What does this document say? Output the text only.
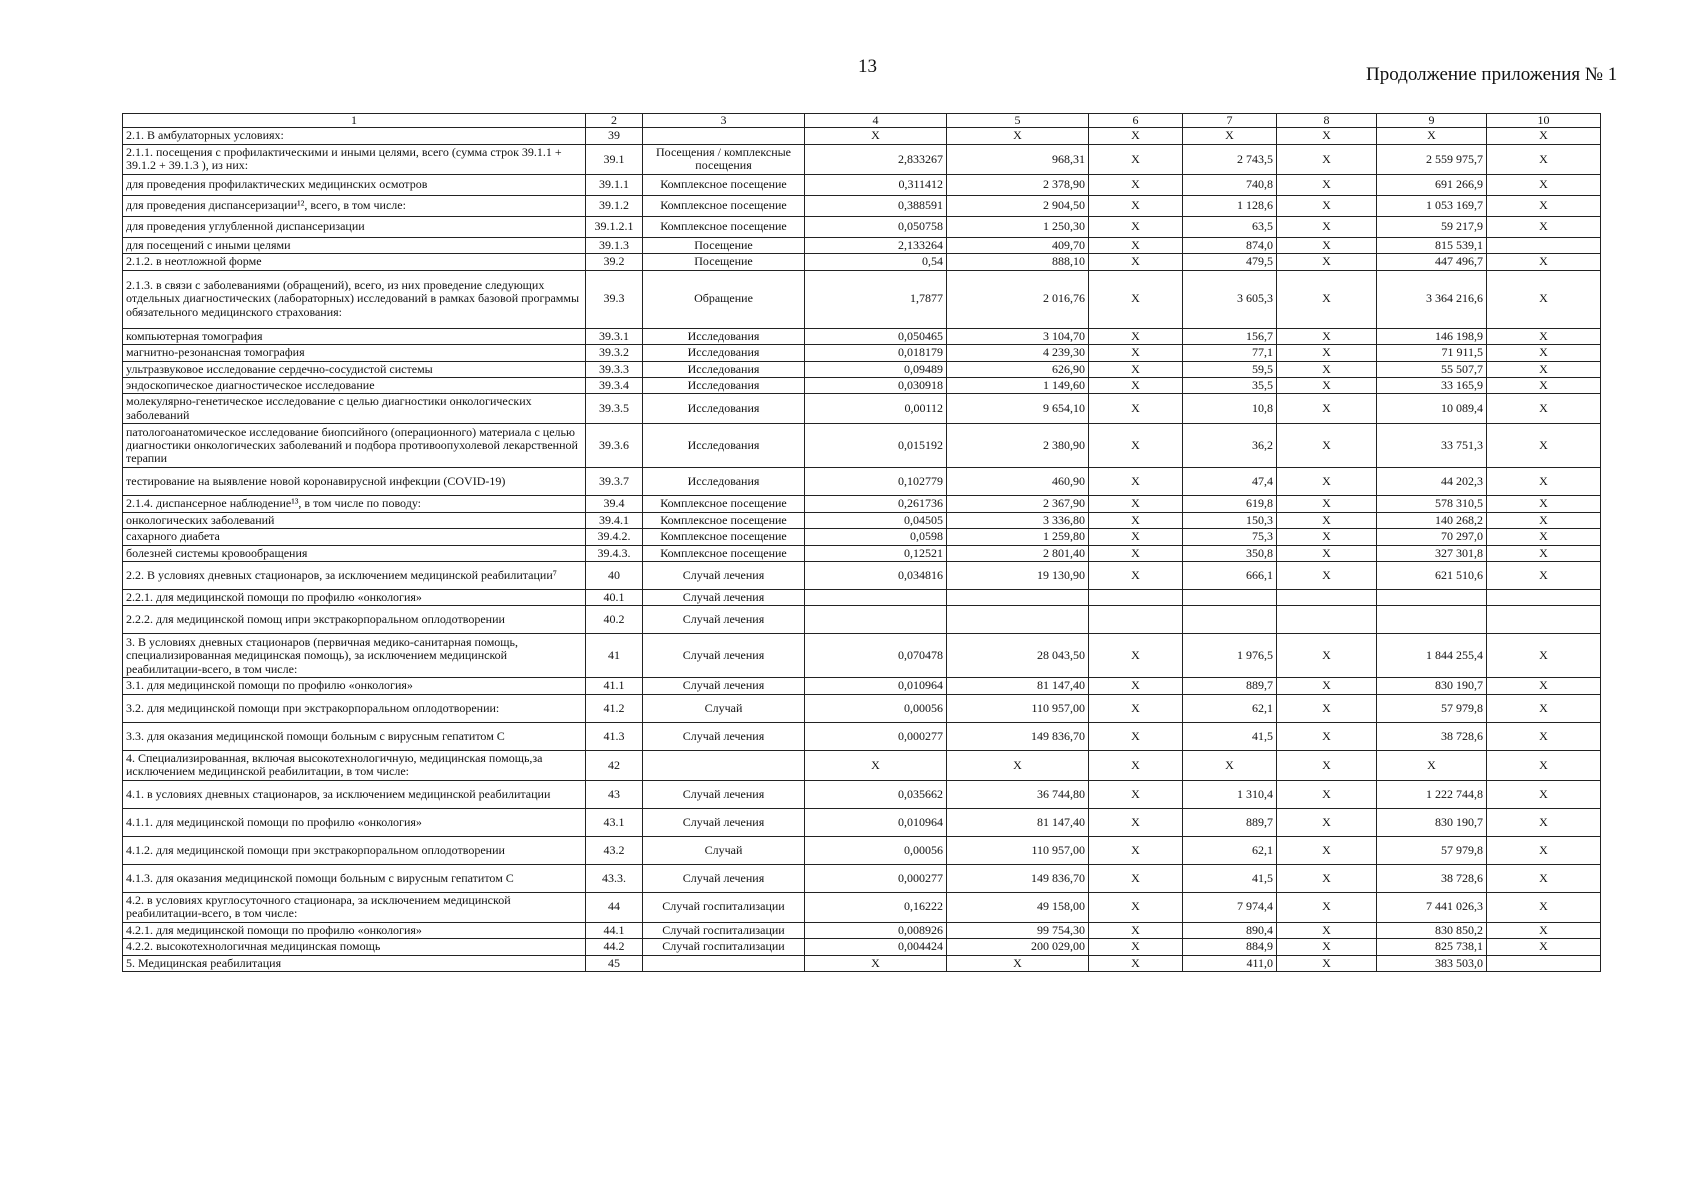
13	Продолжение приложения № 1
1	2	3	4	5	6	7	8	9	10
2.1. В амбулаторных условиях:	39		Х	Х	Х	Х	Х	Х	Х
2.1.1. посещения с профилактическими и иными целями, всего (сумма строк 39.1.1 + 39.1.2 + 39.1.3 ), из них:	39.1	Посещения / комплексные посещения	2,833267	968,31	Х	2 743,5	Х	2 559 975,7	Х
для проведения профилактических медицинских осмотров	39.1.1	Комплексное посещение	0,311412	2 378,90	Х	740,8	Х	691 266,9	Х
для проведения диспансеризации¹², всего, в том числе:	39.1.2	Комплексное посещение	0,388591	2 904,50	Х	1 128,6	Х	1 053 169,7	Х
для проведения углубленной диспансеризации	39.1.2.1	Комплексное посещение	0,050758	1 250,30	Х	63,5	Х	59 217,9	Х
для посещений с иными целями	39.1.3	Посещение	2,133264	409,70	Х	874,0	Х	815 539,1	
2.1.2. в неотложной форме	39.2	Посещение	0,54	888,10	Х	479,5	Х	447 496,7	Х
2.1.3. в связи с заболеваниями (обращений), всего, из них проведение следующих отдельных диагностических (лабораторных) исследований в рамках базовой программы обязательного медицинского страхования:	39.3	Обращение	1,7877	2 016,76	Х	3 605,3	Х	3 364 216,6	Х
компьютерная томография	39.3.1	Исследования	0,050465	3 104,70	Х	156,7	Х	146 198,9	Х
магнитно-резонансная томография	39.3.2	Исследования	0,018179	4 239,30	Х	77,1	Х	71 911,5	Х
ультразвуковое исследование сердечно-сосудистой системы	39.3.3	Исследования	0,09489	626,90	Х	59,5	Х	55 507,7	Х
эндоскопическое диагностическое исследование	39.3.4	Исследования	0,030918	1 149,60	Х	35,5	Х	33 165,9	Х
молекулярно-генетическое исследование с целью диагностики онкологических заболеваний	39.3.5	Исследования	0,00112	9 654,10	Х	10,8	Х	10 089,4	Х
патологоанатомическое исследование биопсийного (операционного) материала с целью диагностики онкологических заболеваний и подбора противоопухолевой лекарственной терапии	39.3.6	Исследования	0,015192	2 380,90	Х	36,2	Х	33 751,3	Х
тестирование на выявление новой коронавирусной инфекции (COVID-19)	39.3.7	Исследования	0,102779	460,90	Х	47,4	Х	44 202,3	Х
2.1.4. диспансерное наблюдение¹³, в том числе по поводу:	39.4	Комплексное посещение	0,261736	2 367,90	Х	619,8	Х	578 310,5	Х
онкологических заболеваний	39.4.1	Комплексное посещение	0,04505	3 336,80	Х	150,3	Х	140 268,2	Х
сахарного диабета	39.4.2.	Комплексное посещение	0,0598	1 259,80	Х	75,3	Х	70 297,0	Х
болезней системы кровообращения	39.4.3.	Комплексное посещение	0,12521	2 801,40	Х	350,8	Х	327 301,8	Х
2.2. В условиях дневных стационаров, за исключением медицинской реабилитации⁷	40	Случай лечения	0,034816	19 130,90	Х	666,1	Х	621 510,6	Х
2.2.1. для медицинской помощи по профилю «онкология»	40.1	Случай лечения							
2.2.2. для медицинской помощ ипри экстракорпоральном оплодотворении	40.2	Случай лечения							
3. В условиях дневных стационаров (первичная медико-санитарная помощь, специализированная медицинская помощь), за исключением медицинской реабилитации-всего, в том числе:	41	Случай лечения	0,070478	28 043,50	Х	1 976,5	Х	1 844 255,4	Х
3.1. для медицинской помощи по профилю «онкология»	41.1	Случай лечения	0,010964	81 147,40	Х	889,7	Х	830 190,7	Х
3.2. для медицинской помощи при экстракорпоральном оплодотворении:	41.2	Случай	0,00056	110 957,00	Х	62,1	Х	57 979,8	Х
3.3. для оказания медицинской помощи больным с вирусным гепатитом С	41.3	Случай лечения	0,000277	149 836,70	Х	41,5	Х	38 728,6	Х
4. Специализированная, включая высокотехнологичную, медицинская помощь,за исключением медицинской реабилитации, в том числе:	42		Х	Х	Х	Х	Х	Х	Х
4.1. в условиях дневных стационаров, за исключением медицинской реабилитации	43	Случай лечения	0,035662	36 744,80	Х	1 310,4	Х	1 222 744,8	Х
4.1.1. для медицинской помощи по профилю «онкология»	43.1	Случай лечения	0,010964	81 147,40	Х	889,7	Х	830 190,7	Х
4.1.2. для медицинской помощи при экстракорпоральном оплодотворении	43.2	Случай	0,00056	110 957,00	Х	62,1	Х	57 979,8	Х
4.1.3. для оказания медицинской помощи больным с вирусным гепатитом С	43.3.	Случай лечения	0,000277	149 836,70	Х	41,5	Х	38 728,6	Х
4.2. в условиях круглосуточного стационара, за исключением медицинской реабилитации-всего, в том числе:	44	Случай госпитализации	0,16222	49 158,00	Х	7 974,4	Х	7 441 026,3	Х
4.2.1. для медицинской помощи по профилю «онкология»	44.1	Случай госпитализации	0,008926	99 754,30	Х	890,4	Х	830 850,2	Х
4.2.2. высокотехнологичная медицинская помощь	44.2	Случай госпитализации	0,004424	200 029,00	Х	884,9	Х	825 738,1	Х
5. Медицинская реабилитация	45		Х	Х	Х	411,0	Х	383 503,0	
